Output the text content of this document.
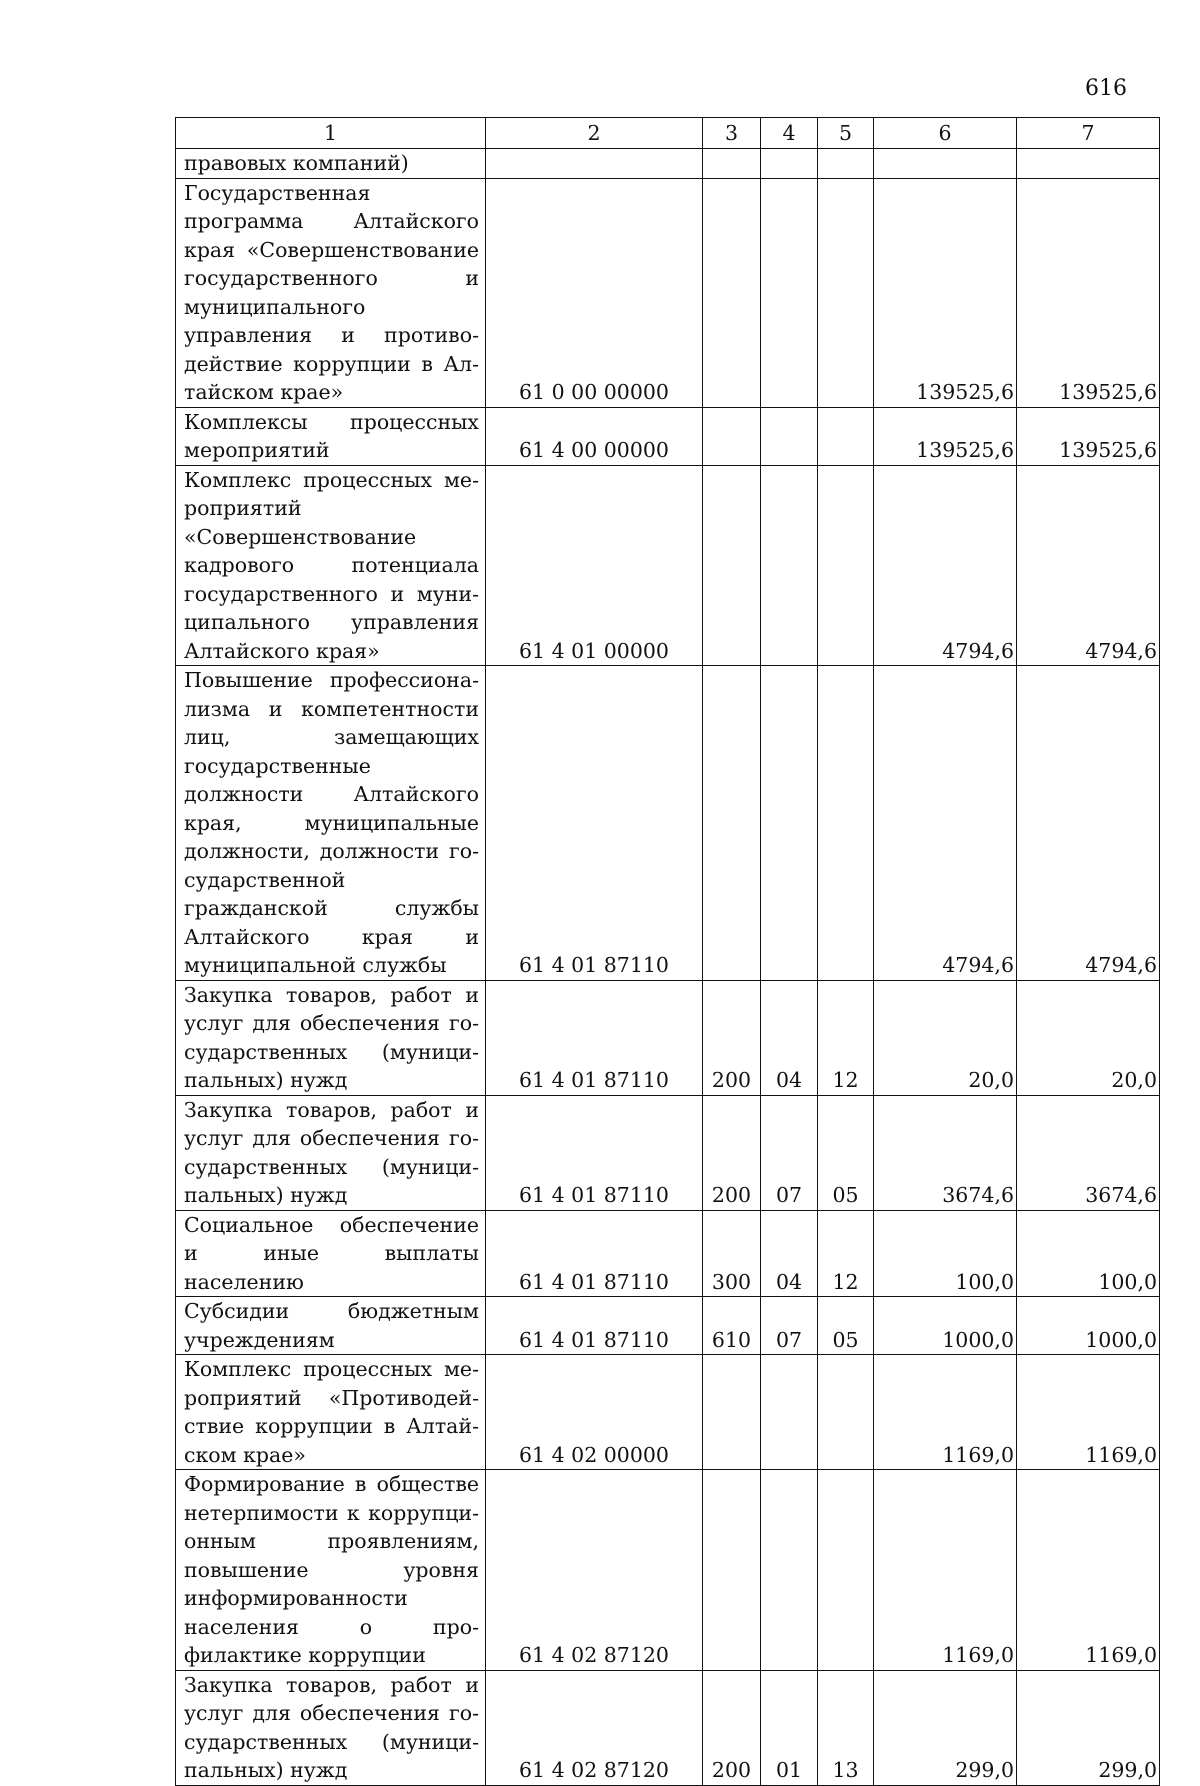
616
1	2	3	4	5	6	7
правовых компаний)						
Государственная программа Алтайского края «Совершенствование государственного и муниципального управления и противодействие коррупции в Алтайском крае»	61 0 00 00000				139525,6	139525,6
Комплексы процессных мероприятий	61 4 00 00000				139525,6	139525,6
Комплекс процессных мероприятий «Совершенствование кадрового потенциала государственного и муниципального управления Алтайского края»	61 4 01 00000				4794,6	4794,6
Повышение профессионализма и компетентности лиц, замещающих государственные должности Алтайского края, муниципальные должности, должности государственной гражданской службы Алтайского края и муниципальной службы	61 4 01 87110				4794,6	4794,6
Закупка товаров, работ и услуг для обеспечения государственных (муниципальных) нужд	61 4 01 87110	200	04	12	20,0	20,0
Закупка товаров, работ и услуг для обеспечения государственных (муниципальных) нужд	61 4 01 87110	200	07	05	3674,6	3674,6
Социальное обеспечение и иные выплаты населению	61 4 01 87110	300	04	12	100,0	100,0
Субсидии бюджетным учреждениям	61 4 01 87110	610	07	05	1000,0	1000,0
Комплекс процессных мероприятий «Противодействие коррупции в Алтайском крае»	61 4 02 00000				1169,0	1169,0
Формирование в обществе нетерпимости к коррупционным проявлениям, повышение уровня информированности населения о профилактике коррупции	61 4 02 87120				1169,0	1169,0
Закупка товаров, работ и услуг для обеспечения государственных (муниципальных) нужд	61 4 02 87120	200	01	13	299,0	299,0
